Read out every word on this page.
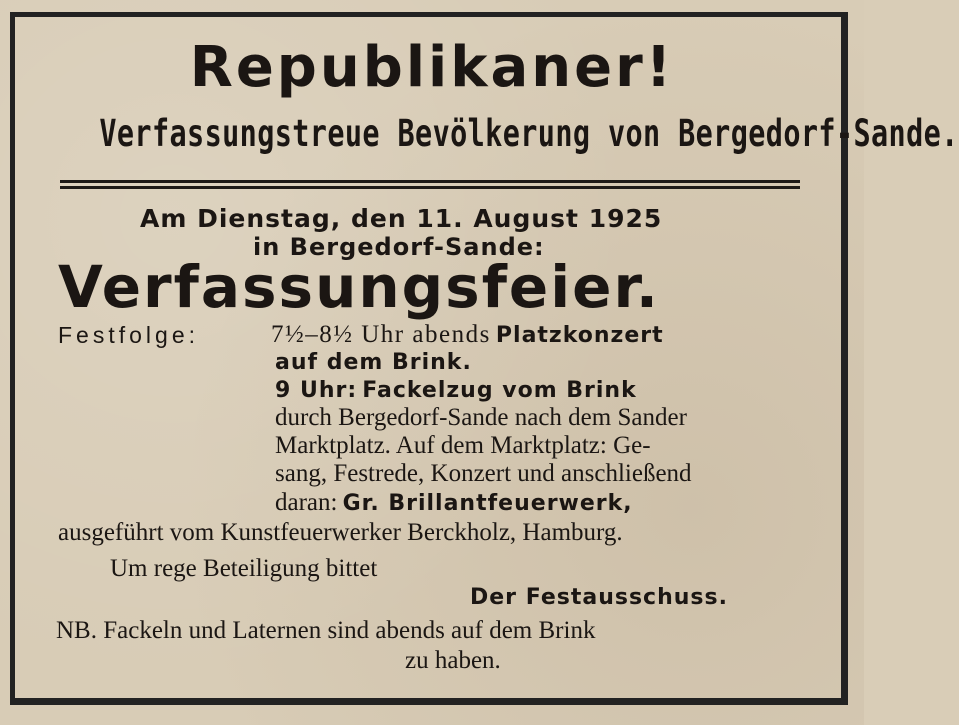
Republikaner!
Verfassungstreue Bevölkerung von Bergedorf-Sande.
Am Dienstag, den 11. August 1925
in Bergedorf-Sande:
Verfassungsfeier.
Festfolge:	7½–8½ Uhr abends Platzkonzert
auf dem Brink.
9 Uhr: Fackelzug vom Brink
durch Bergedorf-Sande nach dem Sander
Marktplatz. Auf dem Marktplatz: Ge-
sang, Festrede, Konzert und anschließend
daran: Gr. Brillantfeuerwerk,
ausgeführt vom Kunstfeuerwerker Berckholz, Hamburg.
Um rege Beteiligung bittet
Der Festausschuss.
NB. Fackeln und Laternen sind abends auf dem Brink
zu haben.
